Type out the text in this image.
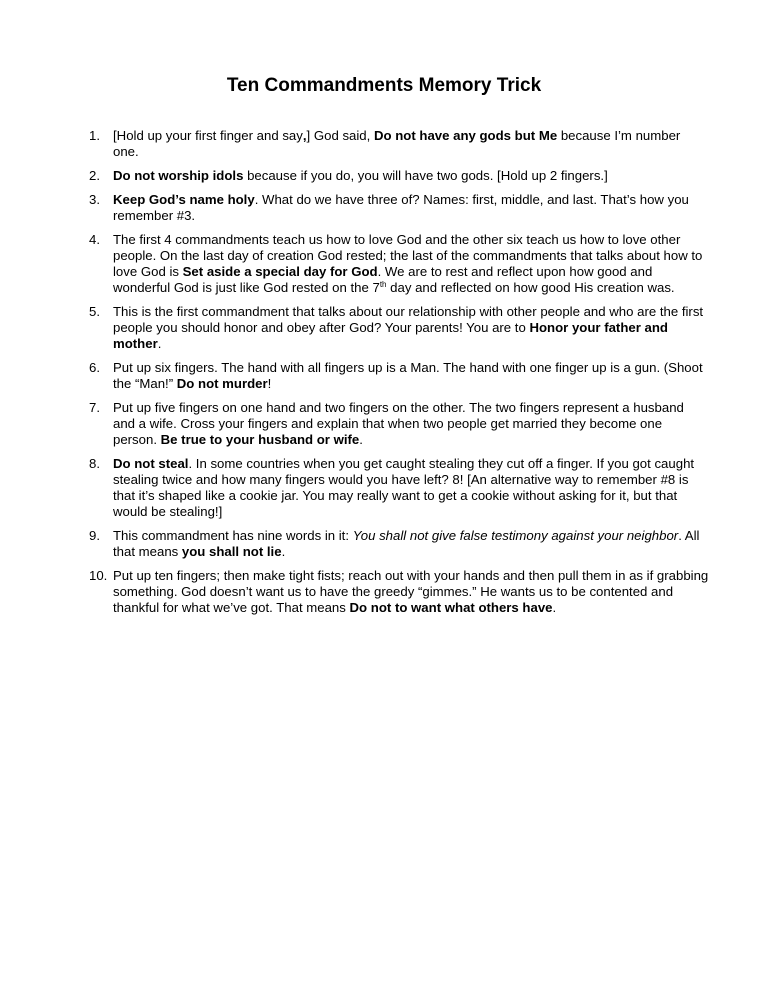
Ten Commandments Memory Trick
1. [Hold up your first finger and say,] God said, Do not have any gods but Me because I’m number one.
2. Do not worship idols because if you do, you will have two gods. [Hold up 2 fingers.]
3. Keep God’s name holy. What do we have three of? Names: first, middle, and last. That’s how you remember #3.
4. The first 4 commandments teach us how to love God and the other six teach us how to love other people. On the last day of creation God rested; the last of the commandments that talks about how to love God is Set aside a special day for God. We are to rest and reflect upon how good and wonderful God is just like God rested on the 7th day and reflected on how good His creation was.
5. This is the first commandment that talks about our relationship with other people and who are the first people you should honor and obey after God? Your parents! You are to Honor your father and mother.
6. Put up six fingers. The hand with all fingers up is a Man. The hand with one finger up is a gun. (Shoot the “Man!” Do not murder!
7. Put up five fingers on one hand and two fingers on the other. The two fingers represent a husband and a wife. Cross your fingers and explain that when two people get married they become one person. Be true to your husband or wife.
8. Do not steal. In some countries when you get caught stealing they cut off a finger. If you got caught stealing twice and how many fingers would you have left? 8! [An alternative way to remember #8 is that it’s shaped like a cookie jar. You may really want to get a cookie without asking for it, but that would be stealing!]
9. This commandment has nine words in it: You shall not give false testimony against your neighbor. All that means you shall not lie.
10. Put up ten fingers; then make tight fists; reach out with your hands and then pull them in as if grabbing something. God doesn’t want us to have the greedy “gimmes.” He wants us to be contented and thankful for what we’ve got. That means Do not to want what others have.
